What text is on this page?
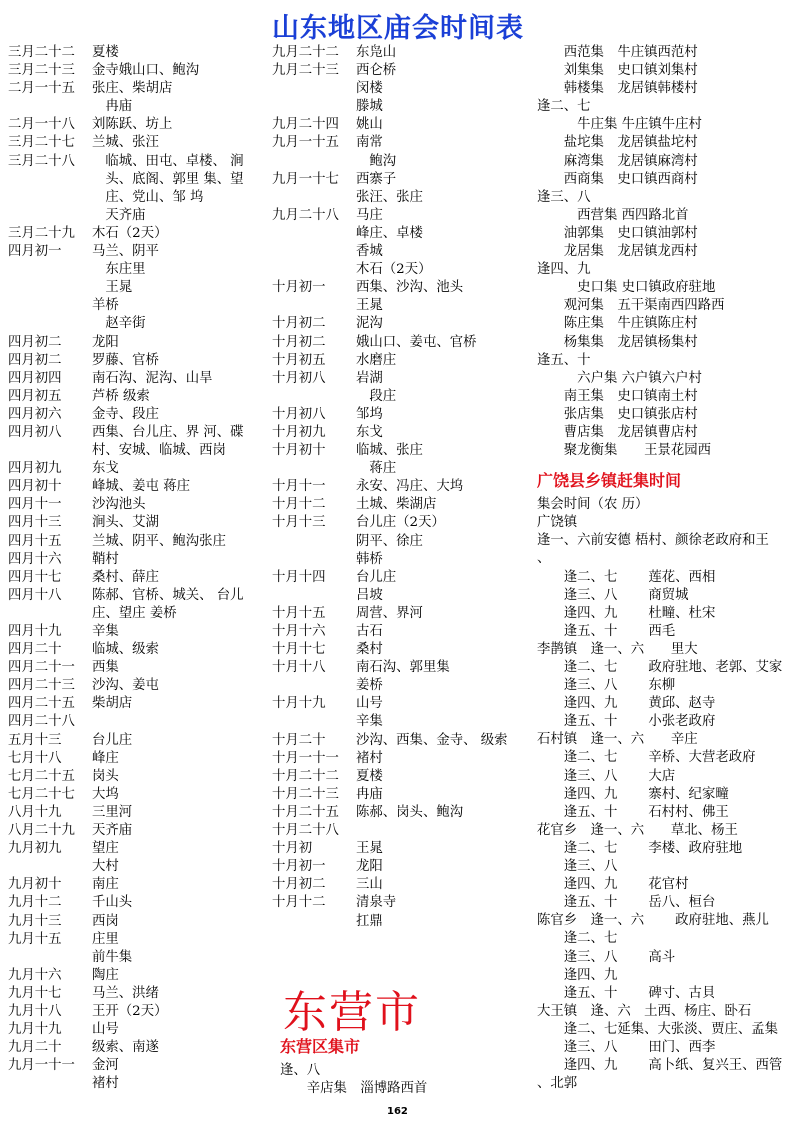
山东地区庙会时间表
三月二十二 夏楼
三月二十三 金寺娥山口、鲍沟
二月一十五 张庄、柴胡店
　冉庙
二月一十八 刘陈跃、坊上
三月二十七 兰城、张汪
三月二十八　临城、田屯、卓楼、 涧
　头、底阁、郭里 集、望
　庄、党山、邹 坞
　天齐庙
三月二十九 木石（2天）
四月初一 马兰、阴平
　东庄里
　王晁
羊桥
　赵辛街
四月初二 龙阳
四月初二 罗藤、官桥
四月初四 南石沟、泥沟、山旱
四月初五 芦桥 级索
四月初六 金寺、段庄
四月初八 西集、台儿庄、界 河、碟
村、安城、临城、西岗
四月初九 东戈
四月初十 峰城、姜屯 蒋庄
四月十一 沙沟池头
四月十三 涧头、艾湖
四月十五 兰城、阴平、鲍沟张庄
四月十六 鞘村
四月十七 桑村、薛庄
四月十八 陈郝、官桥、城关、 台儿
庄、望庄 姜桥
四月十九 辛集
四月二十 临城、级索
四月二十一 西集
四月二十三 沙沟、姜屯
四月二十五 柴胡店
四月二十八
五月十三 台儿庄
七月十八 峰庄
七月二十五 岗头
七月二十七 大坞
八月十九 三里河
八月二十九 天齐庙
九月初九 望庄
大村
九月初十 南庄
九月十二 千山头
九月十三 西岗
九月十五 庄里
前牛集
九月十六 陶庄
九月十七 马兰、洪绪
九月十八 王开（2天）
九月十九 山号
九月二十 级索、南遂
九月一十一 金河
褚村
九月二十二 东凫山
九月二十三 西仑桥
闵楼
滕城
九月二十四 姚山
九月一十五 南常
　鲍沟
九月一十七 西寨子
张汪、张庄
九月二十八 马庄
峰庄、卓楼
香城
木石（2天）
十月初一 西集、沙沟、池头
王晁
十月初二 泥沟
十月初二 娥山口、姜屯、官桥
十月初五 水磨庄
十月初八 岩湖
　段庄
十月初八 邹坞
十月初九 东戈
十月初十 临城、张庄
　蒋庄
十月十一 永安、冯庄、大坞
十月十二 土城、柴湖店
十月十三 台儿庄（2天）
阴平、徐庄
韩桥
十月十四 台儿庄
吕坡
十月十五 周营、界河
十月十六 古石
十月十七 桑村
十月十八 南石沟、郭里集
姜桥
十月十九 山号
辛集
十月二十 沙沟、西集、金寺、 级索
十月一十一 褚村
十月二十二 夏楼
十月二十三 冉庙
十月二十五 陈郝、岗头、鲍沟
十月二十八
十月初	王晁
十月初一 龙阳
十月初二 三山
十月十二 清泉寺
扛鼎
　　西范集　牛庄镇西范村
　　刘集集　史口镇刘集村
　　韩楼集　龙居镇韩楼村
逢二、七
　　　牛庄集 牛庄镇牛庄村
　　盐坨集　龙居镇盐坨村
　　麻湾集　龙居镇麻湾村
　　西商集　史口镇西商村
逢三、八
　　　西营集 西四路北首
　　油郭集　史口镇油郭村
　　龙居集　龙居镇龙西村
逢四、九
　　　史口集 史口镇政府驻地
　　观河集　五干渠南西四路西
　　陈庄集　牛庄镇陈庄村
　　杨集集　龙居镇杨集村
逢五、十
　　　六户集 六户镇六户村
　　南王集　史口镇南土村
　　张店集　史口镇张店村
　　曹店集　龙居镇曹店村
　　聚龙衡集　　王景花园西
广饶县乡镇赶集时间
集会时间（农 历）
广饶镇
逢一、六前安德 梧村、颜徐老政府和王
、
　　逢二、七　　 莲花、西相
　　逢三、八　　 商贸城
　　逢四、九　　 杜疃、杜宋
　　逢五、十　　 西毛
李鹊镇　逢一、六　　里大
　　逢二、七　　 政府驻地、老郭、艾家
　　逢三、八　　 东柳
　　逢四、九　　 黄邱、赵寺
　　逢五、十　　 小张老政府
石村镇　逢一、六　　辛庄
　　逢二、七　　 辛桥、大营老政府
　　逢三、八　　 大店
　　逢四、九　　 寨村、纪家疃
　　逢五、十　　 石村村、佛王
花官乡　逢一、六　　草北、杨王
　　逢二、七　　 李楼、政府驻地
　　逢三、八
　　逢四、九　　 花官村
　　逢五、十　　 岳八、桓台
陈官乡　逢一、六　　 政府驻地、燕儿
　　逢二、七
　　逢三、八　　 高斗
　　逢四、九
　　逢五、十　　 碑寸、古貝
大王镇　逢、六　土西、杨庄、卧石
　　逢二、七延集、大张淡、贾庄、孟集
　　逢三、八　　 田门、西李
　　逢四、九　　 高卜纸、复兴王、西管
、北郭
东营市
东营区集市
逢、八
　　辛店集　淄博路西首
162
